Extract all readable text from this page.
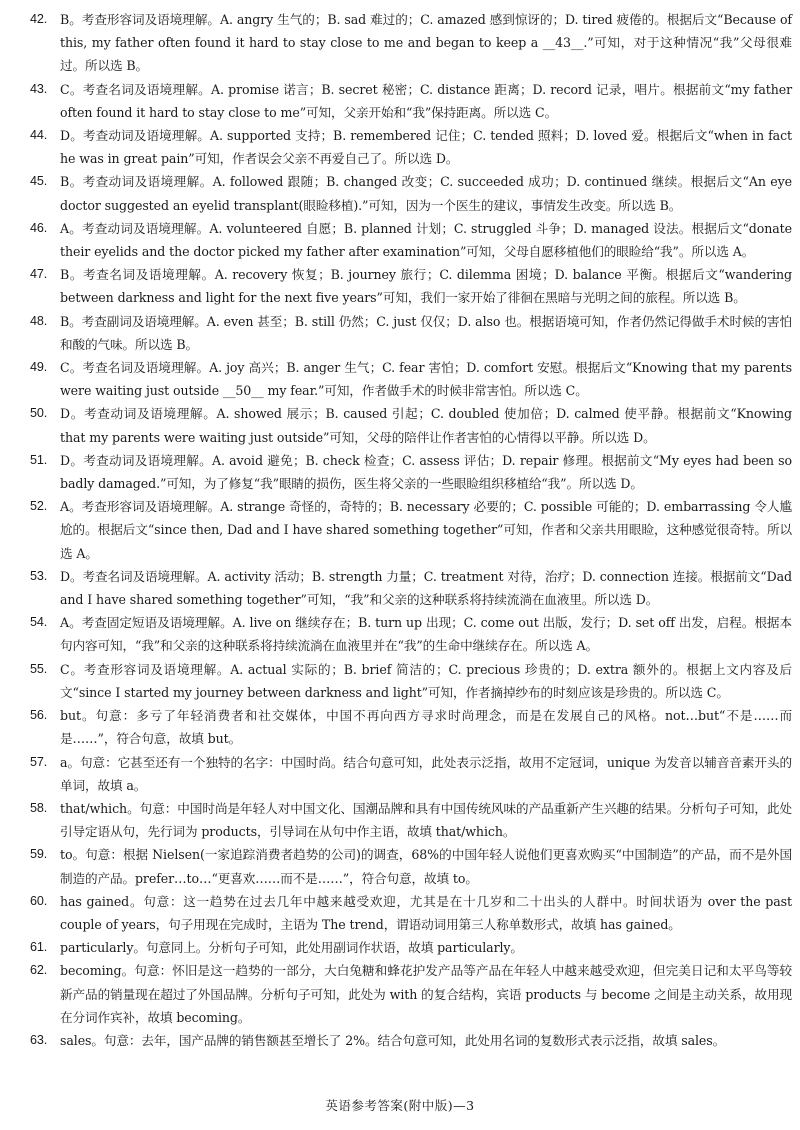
42. B。考查形容词及语境理解。A. angry 生气的；B. sad 难过的；C. amazed 感到惊讶的；D. tired 疲倦的。根据后文“Because of this, my father often found it hard to stay close to me and began to keep a __43__.”可知，对于这种情况“我”父母很难过。所以选 B。
43. C。考查名词及语境理解。A. promise 诺言；B. secret 秘密；C. distance 距离；D. record 记录，唱片。根据前文“my father often found it hard to stay close to me”可知，父亲开始和“我”保持距离。所以选 C。
44. D。考查动词及语境理解。A. supported 支持；B. remembered 记住；C. tended 照料；D. loved 爱。根据后文“when in fact he was in great pain”可知，作者误会父亲不再爱自己了。所以选 D。
45. B。考查动词及语境理解。A. followed 跟随；B. changed 改变；C. succeeded 成功；D. continued 继续。根据后文“An eye doctor suggested an eyelid transplant(眼睑移植).”可知，因为一个医生的建议，事情发生改变。所以选 B。
46. A。考查动词及语境理解。A. volunteered 自愿；B. planned 计划；C. struggled 斗争；D. managed 设法。根据后文“donate their eyelids and the doctor picked my father after examination”可知，父母自愿移植他们的眼睑给“我”。所以选 A。
47. B。考查名词及语境理解。A. recovery 恢复；B. journey 旅行；C. dilemma 困境；D. balance 平衡。根据后文“wandering between darkness and light for the next five years”可知，我们一家开始了徘徊在黑暗与光明之间的旅程。所以选 B。
48. B。考查副词及语境理解。A. even 甚至；B. still 仍然；C. just 仅仅；D. also 也。根据语境可知，作者仍然记得做手术时候的害怕和酸的气味。所以选 B。
49. C。考查名词及语境理解。A. joy 高兴；B. anger 生气；C. fear 害怕；D. comfort 安慰。根据后文“Knowing that my parents were waiting just outside __50__ my fear.”可知，作者做手术的时候非常害怕。所以选 C。
50. D。考查动词及语境理解。A. showed 展示；B. caused 引起；C. doubled 使加倍；D. calmed 使平静。根据前文“Knowing that my parents were waiting just outside”可知，父母的陪伴让作者害怕的心情得以平静。所以选 D。
51. D。考查动词及语境理解。A. avoid 避免；B. check 检查；C. assess 评估；D. repair 修理。根据前文“My eyes had been so badly damaged.”可知，为了修复“我”眼睛的损伤，医生将父亲的一些眼睑组织移植给“我”。所以选 D。
52. A。考查形容词及语境理解。A. strange 奇怪的，奇特的；B. necessary 必要的；C. possible 可能的；D. embarrassing 令人尴尬的。根据后文“since then, Dad and I have shared something together”可知，作者和父亲共用眼睑，这种感觉很奇特。所以选 A。
53. D。考查名词及语境理解。A. activity 活动；B. strength 力量；C. treatment 对待，治疗；D. connection 连接。根据前文“Dad and I have shared something together”可知，“我”和父亲的这种联系将持续流淌在血液里。所以选 D。
54. A。考查固定短语及语境理解。A. live on 继续存在；B. turn up 出现；C. come out 出版，发行；D. set off 出发，启程。根据本句内容可知，“我”和父亲的这种联系将持续流淌在血液里并在“我”的生命中继续存在。所以选 A。
55. C。考查形容词及语境理解。A. actual 实际的；B. brief 简洁的；C. precious 珍贵的；D. extra 额外的。根据上文内容及后文“since I started my journey between darkness and light”可知，作者摘掉纱布的时刻应该是珍贵的。所以选 C。
56. but。句意：多亏了年轻消费者和社交媒体，中国不再向西方寻求时尚理念，而是在发展自己的风格。not…but“不是……而是……”，符合句意，故填 but。
57. a。句意：它甚至还有一个独特的名字：中国时尚。结合句意可知，此处表示泛指，故用不定冠词，unique 为发音以辅音音素开头的单词，故填 a。
58. that/which。句意：中国时尚是年轻人对中国文化、国潮品牌和具有中国传统风味的产品重新产生兴趣的结果。分析句子可知，此处引导定语从句，先行词为 products，引导词在从句中作主语，故填 that/which。
59. to。句意：根据 Nielsen(一家追踪消费者趋势的公司)的调查，68%的中国年轻人说他们更喜欢购买“中国制造”的产品，而不是外国制造的产品。prefer…to…“更喜欢……而不是……”，符合句意，故填 to。
60. has gained。句意：这一趋势在过去几年中越来越受欢迎，尤其是在十几岁和二十出头的人群中。时间状语为 over the past couple of years，句子用现在完成时，主语为 The trend，谓语动词用第三人称单数形式，故填 has gained。
61. particularly。句意同上。分析句子可知，此处用副词作状语，故填 particularly。
62. becoming。句意：怀旧是这一趋势的一部分，大白兔糖和蜂花护发产品等产品在年轻人中越来越受欢迎，但完美日记和太平鸟等较新产品的销量现在超过了外国品牌。分析句子可知，此处为 with 的复合结构，宾语 products 与 become 之间是主动关系，故用现在分词作宾补，故填 becoming。
63. sales。句意：去年，国产品牌的销售额甚至增长了 2%。结合句意可知，此处用名词的复数形式表示泛指，故填 sales。
英语参考答案(附中版)—3
